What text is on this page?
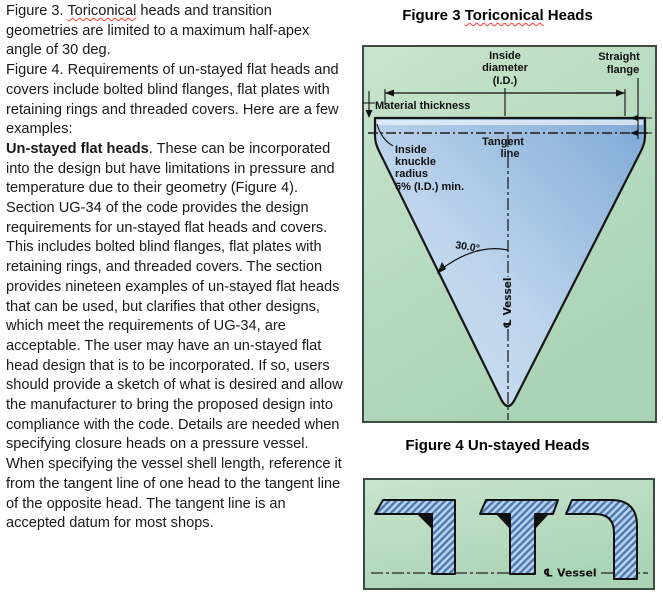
Figure 3. Toriconical heads and transition geometries are limited to a maximum half-apex angle of 30 deg.

Figure 4. Requirements of un-stayed flat heads and covers include bolted blind flanges, flat plates with retaining rings and threaded covers. Here are a few examples:

Un-stayed flat heads. These can be incorporated into the design but have limitations in pressure and temperature due to their geometry (Figure 4). Section UG-34 of the code provides the design requirements for un-stayed flat heads and covers. This includes bolted blind flanges, flat plates with retaining rings, and threaded covers. The section provides nineteen examples of un-stayed flat heads that can be used, but clarifies that other designs, which meet the requirements of UG-34, are acceptable. The user may have an un-stayed flat head design that is to be incorporated. If so, users should provide a sketch of what is desired and allow the manufacturer to bring the proposed design into compliance with the code. Details are needed when specifying closure heads on a pressure vessel. When specifying the vessel shell length, reference it from the tangent line of one head to the tangent line of the opposite head. The tangent line is an accepted datum for most shops.

Figure 3 Toriconical Heads
Inside
diameter
(I.D.)
Straight
flange
Material thickness
Tangent
line
Inside
knuckle
radius
6% (I.D.) min.
30.0°
℄ Vessel
Figure 4 Un-stayed Heads
℄ Vessel
